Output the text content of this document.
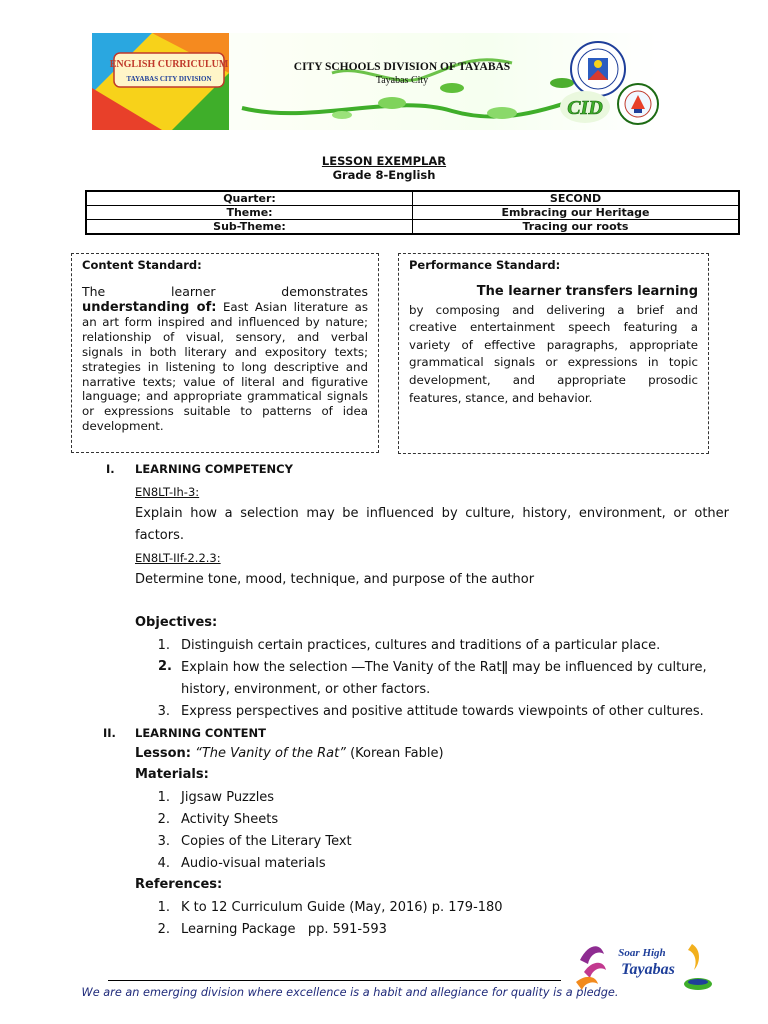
ENGLISH CURRICULUM
TAYABAS CITY DIVISION
CITY SCHOOLS DIVISION OF TAYABAS
Tayabas City
CID
LESSON EXEMPLAR
Grade 8-English
Quarter:	SECOND
Theme:	Embracing our Heritage
Sub-Theme:	Tracing our roots
Content Standard:
The learner demonstrates
understanding of: East Asian literature as an art form inspired and influenced by nature; relationship of visual, sensory, and verbal signals in both literary and expository texts; strategies in listening to long descriptive and narrative texts; value of literal and figurative language; and appropriate grammatical signals or expressions suitable to patterns of idea development.
Performance Standard:
The learner transfers learning
by composing and delivering a brief and creative entertainment speech featuring a variety of effective paragraphs, appropriate grammatical signals or expressions in topic development, and appropriate prosodic features, stance, and behavior.
I. LEARNING COMPETENCY
EN8LT-Ih-3:
Explain how a selection may be influenced by culture, history, environment, or other
factors.
EN8LT-IIf-2.2.3:
Determine tone, mood, technique, and purpose of the author
Objectives:
1. Distinguish certain practices, cultures and traditions of a particular place.
2. Explain how the selection ―The Vanity of the Ratǁ may be influenced by culture,
history, environment, or other factors.
3. Express perspectives and positive attitude towards viewpoints of other cultures.
II. LEARNING CONTENT
Lesson: “The Vanity of the Rat” (Korean Fable)
Materials:
1. Jigsaw Puzzles
2. Activity Sheets
3. Copies of the Literary Text
4. Audio-visual materials
References:
1. K to 12 Curriculum Guide (May, 2016) p. 179-180
2. Learning Package   pp. 591-593
Soar High
Tayabas
We are an emerging division where excellence is a habit and allegiance for quality is a pledge.
